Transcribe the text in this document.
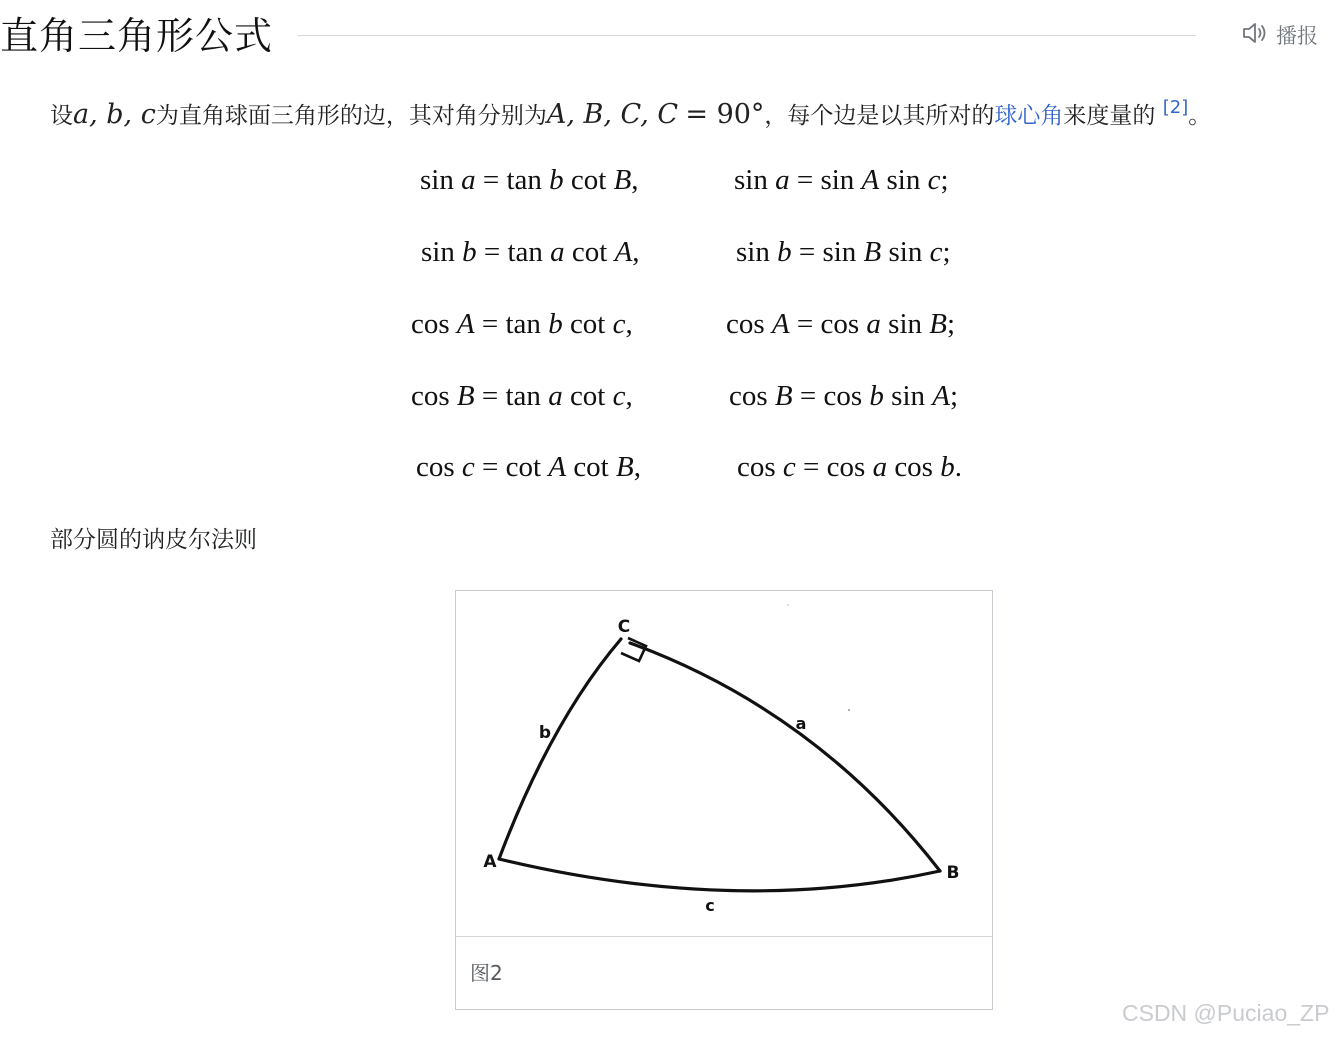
直角三角形公式	播报

设a, b, c为直角球面三角形的边，其对角分别为A, B, C, C = 90°，每个边是以其所对的球心角来度量的 [2]。

sin a = tan b cot B,	sin a = sin A sin c;
sin b = tan a cot A,	sin b = sin B sin c;
cos A = tan b cot c,	cos A = cos a sin B;
cos B = tan a cot c,	cos B = cos b sin A;
cos c = cot A cot B,	cos c = cos a cos b.
部分圆的讷皮尔法则
C
A
B
a
b
c
图2
CSDN @Puciao_ZP
